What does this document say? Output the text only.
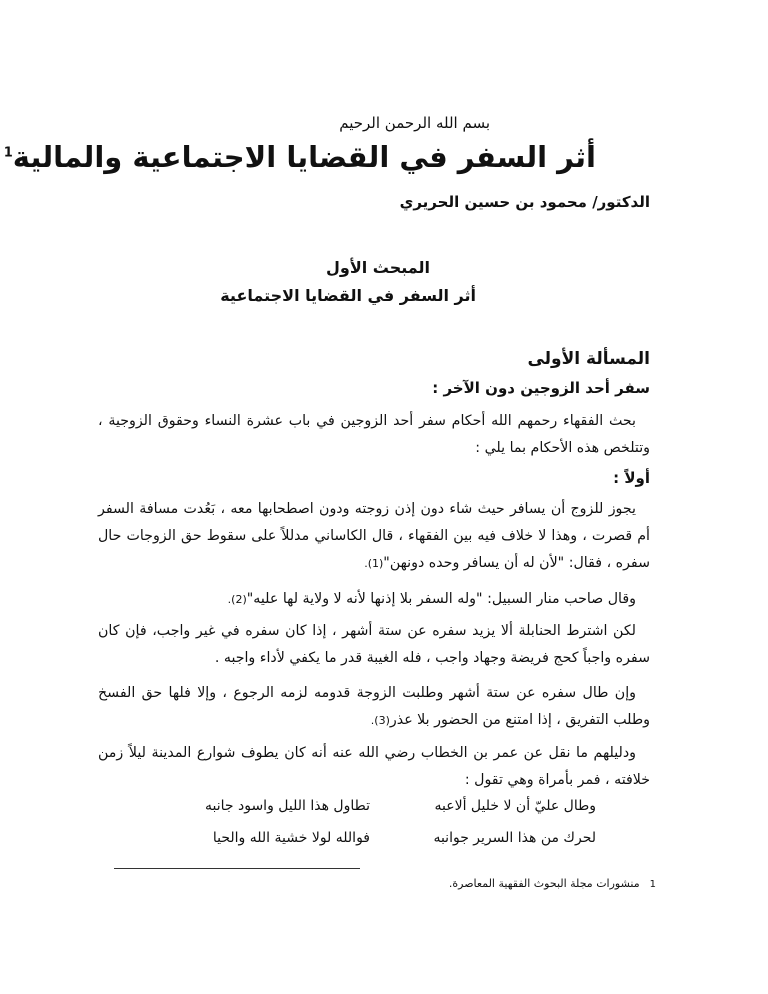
بسم الله الرحمن الرحيم
أثر السفر في القضايا الاجتماعية والمالية$^1$
الدكتور/ محمود بن حسين الحريري
المبحث الأول
أثر السفر في القضايا الاجتماعية
المسألة الأولى
سفر أحد الزوجين دون الآخر :
بحث الفقهاء رحمهم الله أحكام سفر أحد الزوجين في باب عشرة النساء وحقوق الزوجية ، وتتلخص هذه الأحكام بما يلي :
أولاً :
يجوز للزوج أن يسافر حيث شاء دون إذن زوجته ودون اصطحابها معه ، بَعُدت مسافة السفر أم قصرت ، وهذا لا خلاف فيه بين الفقهاء ، قال الكاساني مدللاً على سقوط حق الزوجات حال سفره ، فقال: "لأن له أن يسافر وحده دونهن"(1).
وقال صاحب منار السبيل: "وله السفر بلا إذنها لأنه لا ولاية لها عليه"(2).
لكن اشترط الحنابلة ألا يزيد سفره عن ستة أشهر ، إذا كان سفره في غير واجب، فإن كان سفره واجباً كحج فريضة وجهاد واجب ، فله الغيبة قدر ما يكفي لأداء واجبه .
وإن طال سفره عن ستة أشهر وطلبت الزوجة قدومه لزمه الرجوع ، وإلا فلها حق الفسخ وطلب التفريق ، إذا امتنع من الحضور بلا عذر(3).
ودليلهم ما نقل عن عمر بن الخطاب رضي الله عنه أنه كان يطوف شوارع المدينة ليلاً زمن خلافته ، فمر بأمراة وهي تقول :
تطاول هذا الليل واسود جانبه	وطال عليّ أن لا خليل ألاعبه
فوالله لولا خشية الله والحيا	لحرك من هذا السرير جوانبه
1منشورات مجلة البحوث الفقهية المعاصرة.
